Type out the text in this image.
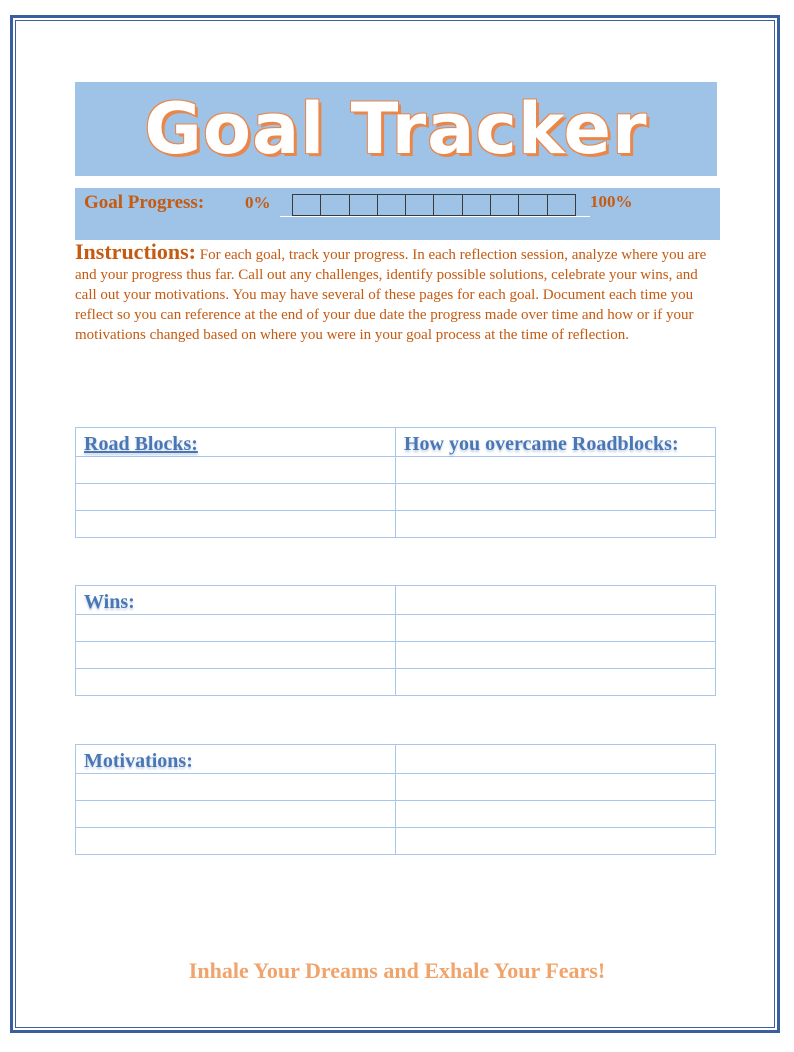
Goal Tracker
Goal Progress: 0%	100%
Instructions: For each goal, track your progress. In each reflection session, analyze where you are and your progress thus far. Call out any challenges, identify possible solutions, celebrate your wins, and call out your motivations. You may have several of these pages for each goal. Document each time you reflect so you can reference at the end of your due date the progress made over time and how or if your motivations changed based on where you were in your goal process at the time of reflection.
Road Blocks:	How you overcame Roadblocks:

Wins:	

Motivations:	

Inhale Your Dreams and Exhale Your Fears!
